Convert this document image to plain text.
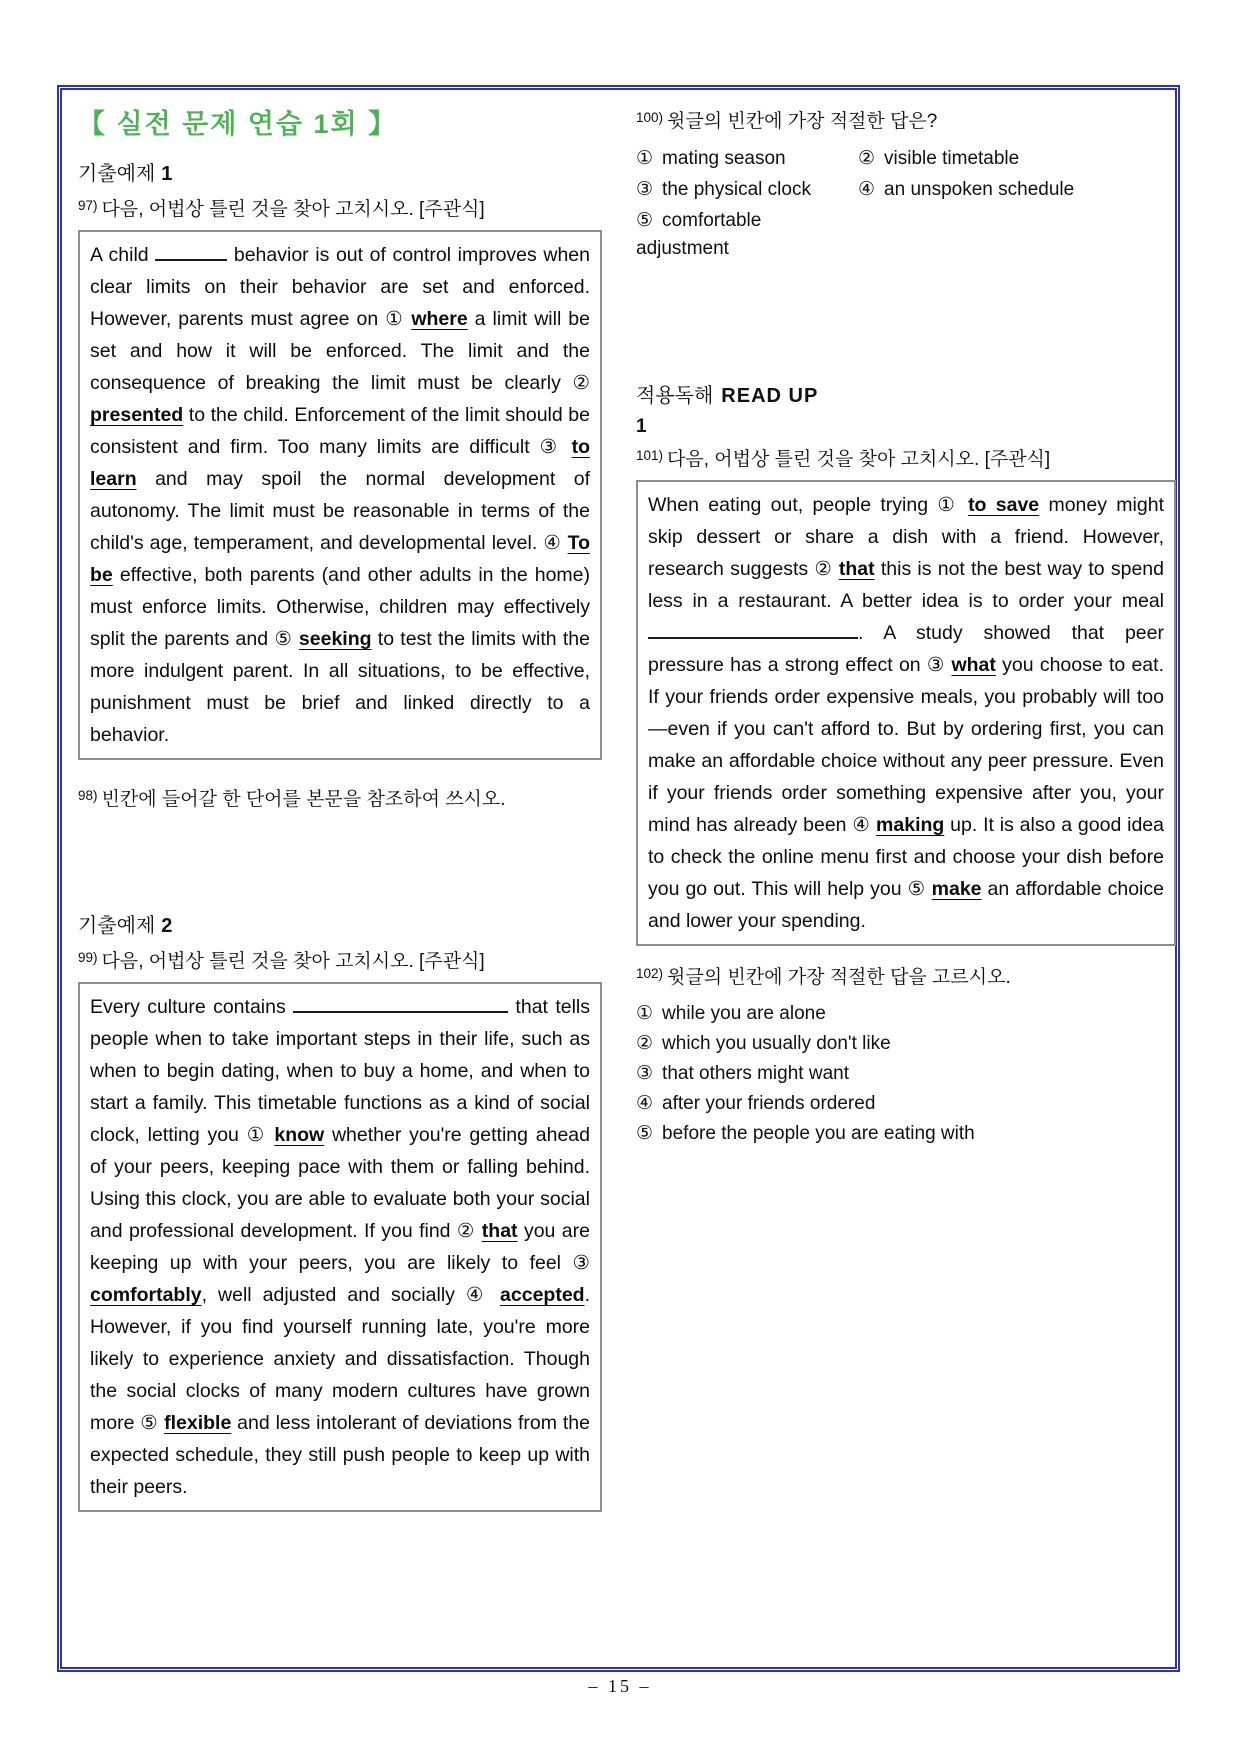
【 실전 문제 연습 1회 】
기출예제 1
$^{97)}$ 다음, 어법상 틀린 것을 찾아 고치시오. [주관식]
A child	behavior is out of control improves when clear limits on their behavior are set and enforced. However, parents must agree on ① where a limit will be set and how it will be enforced. The limit and the consequence of breaking the limit must be clearly ② presented to the child. Enforcement of the limit should be consistent and firm. Too many limits are difficult ③ to learn and may spoil the normal development of autonomy. The limit must be reasonable in terms of the child's age, temperament, and developmental level. ④ To be effective, both parents (and other adults in the home) must enforce limits. Otherwise, children may effectively split the parents and ⑤ seeking to test the limits with the more indulgent parent. In all situations, to be effective, punishment must be brief and linked directly to a behavior.
$^{98)}$ 빈칸에 들어갈 한 단어를 본문을 참조하여 쓰시오.
기출예제 2
$^{99)}$ 다음, 어법상 틀린 것을 찾아 고치시오. [주관식]
Every culture contains	that tells people when to take important steps in their life, such as when to begin dating, when to buy a home, and when to start a family. This timetable functions as a kind of social clock, letting you ① know whether you're getting ahead of your peers, keeping pace with them or falling behind. Using this clock, you are able to evaluate both your social and professional development. If you find ② that you are keeping up with your peers, you are likely to feel ③ comfortably, well adjusted and socially ④ accepted. However, if you find yourself running late, you're more likely to experience anxiety and dissatisfaction. Though the social clocks of many modern cultures have grown more ⑤ flexible and less intolerant of deviations from the expected schedule, they still push people to keep up with their peers.
$^{100)}$ 윗글의 빈칸에 가장 적절한 답은?
① mating season	② visible timetable
③ the physical clock	④ an unspoken schedule
⑤ comfortable adjustment
적용독해 READ UP
1
$^{101)}$ 다음, 어법상 틀린 것을 찾아 고치시오. [주관식]
When eating out, people trying ① to save money might skip dessert or share a dish with a friend. However, research suggests ② that this is not the best way to spend less in a restaurant. A better idea is to order your meal . A study showed that peer pressure has a strong effect on ③ what you choose to eat. If your friends order expensive meals, you probably will too—even if you can't afford to. But by ordering first, you can make an affordable choice without any peer pressure. Even if your friends order something expensive after you, your mind has already been ④ making up. It is also a good idea to check the online menu first and choose your dish before you go out. This will help you ⑤ make an affordable choice and lower your spending.
$^{102)}$ 윗글의 빈칸에 가장 적절한 답을 고르시오.
① while you are alone
② which you usually don't like
③ that others might want
④ after your friends ordered
⑤ before the people you are eating with
– 15 –
